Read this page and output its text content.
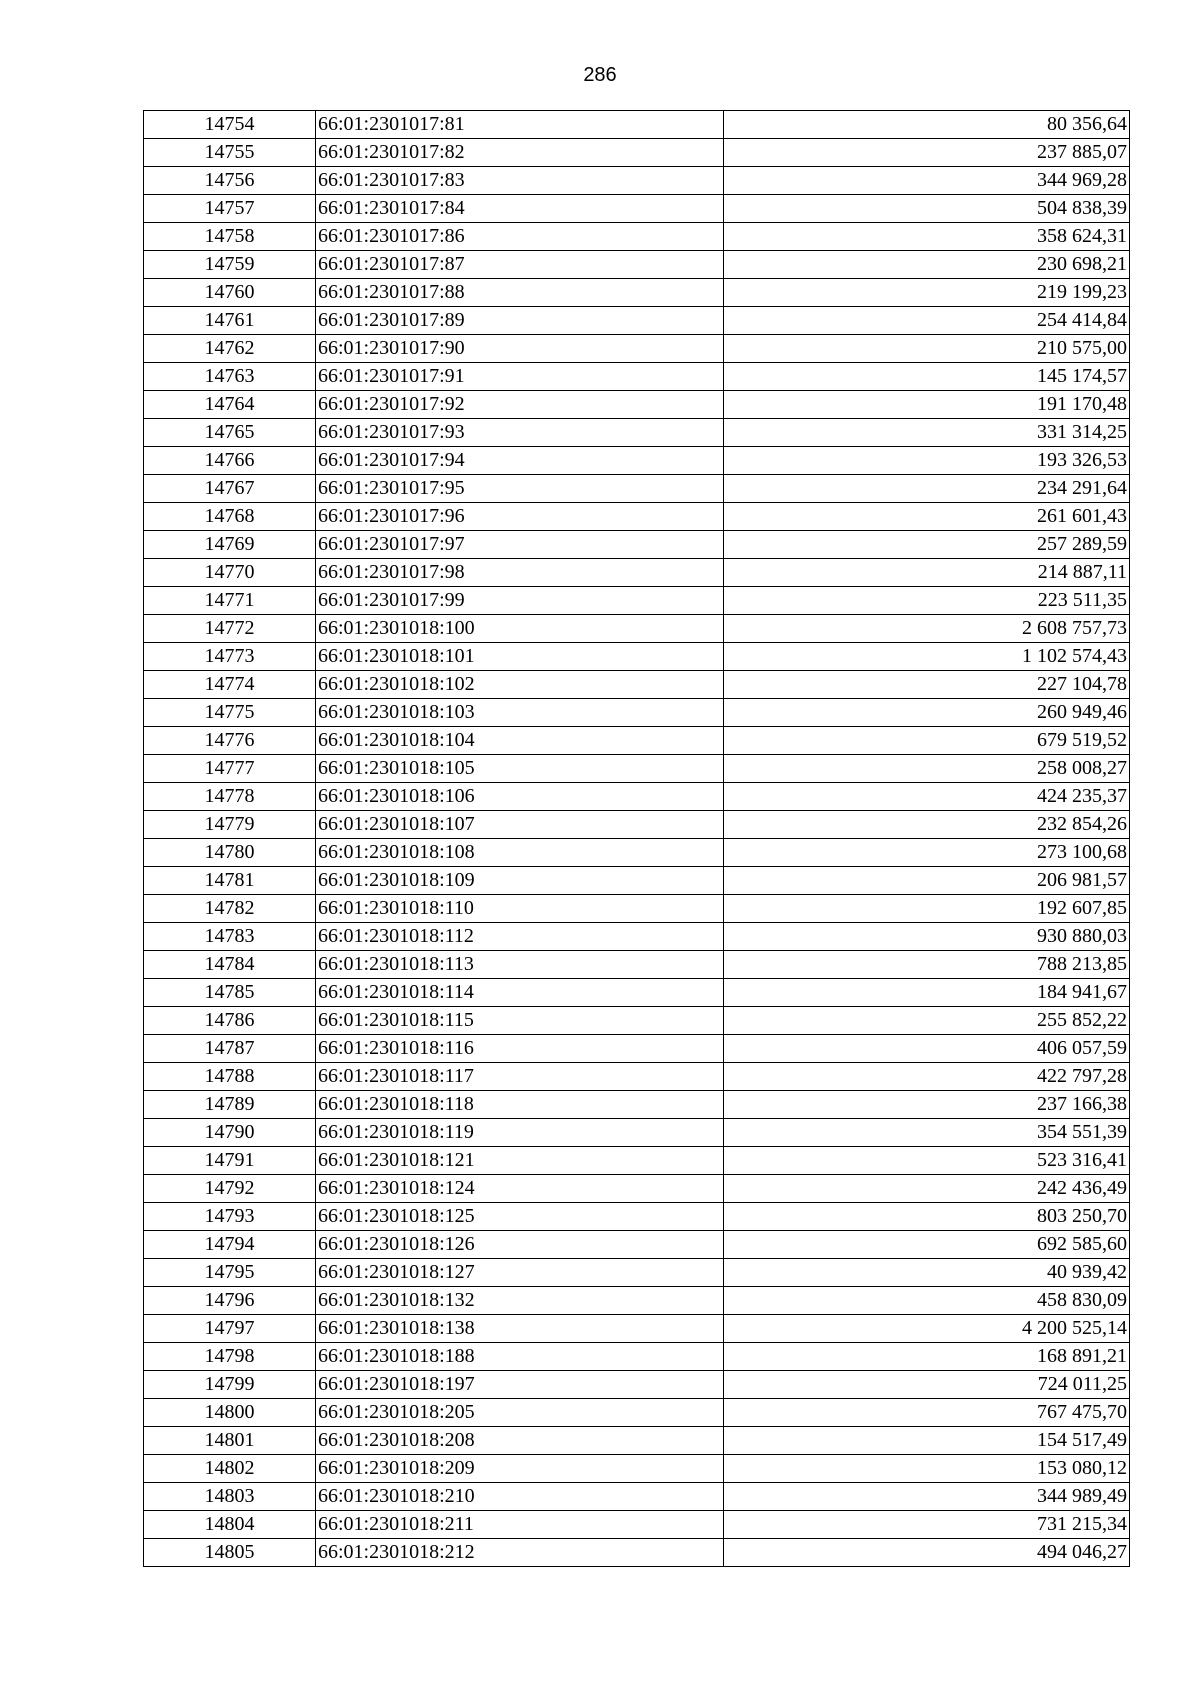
286
14754	66:01:2301017:81	80 356,64
14755	66:01:2301017:82	237 885,07
14756	66:01:2301017:83	344 969,28
14757	66:01:2301017:84	504 838,39
14758	66:01:2301017:86	358 624,31
14759	66:01:2301017:87	230 698,21
14760	66:01:2301017:88	219 199,23
14761	66:01:2301017:89	254 414,84
14762	66:01:2301017:90	210 575,00
14763	66:01:2301017:91	145 174,57
14764	66:01:2301017:92	191 170,48
14765	66:01:2301017:93	331 314,25
14766	66:01:2301017:94	193 326,53
14767	66:01:2301017:95	234 291,64
14768	66:01:2301017:96	261 601,43
14769	66:01:2301017:97	257 289,59
14770	66:01:2301017:98	214 887,11
14771	66:01:2301017:99	223 511,35
14772	66:01:2301018:100	2 608 757,73
14773	66:01:2301018:101	1 102 574,43
14774	66:01:2301018:102	227 104,78
14775	66:01:2301018:103	260 949,46
14776	66:01:2301018:104	679 519,52
14777	66:01:2301018:105	258 008,27
14778	66:01:2301018:106	424 235,37
14779	66:01:2301018:107	232 854,26
14780	66:01:2301018:108	273 100,68
14781	66:01:2301018:109	206 981,57
14782	66:01:2301018:110	192 607,85
14783	66:01:2301018:112	930 880,03
14784	66:01:2301018:113	788 213,85
14785	66:01:2301018:114	184 941,67
14786	66:01:2301018:115	255 852,22
14787	66:01:2301018:116	406 057,59
14788	66:01:2301018:117	422 797,28
14789	66:01:2301018:118	237 166,38
14790	66:01:2301018:119	354 551,39
14791	66:01:2301018:121	523 316,41
14792	66:01:2301018:124	242 436,49
14793	66:01:2301018:125	803 250,70
14794	66:01:2301018:126	692 585,60
14795	66:01:2301018:127	40 939,42
14796	66:01:2301018:132	458 830,09
14797	66:01:2301018:138	4 200 525,14
14798	66:01:2301018:188	168 891,21
14799	66:01:2301018:197	724 011,25
14800	66:01:2301018:205	767 475,70
14801	66:01:2301018:208	154 517,49
14802	66:01:2301018:209	153 080,12
14803	66:01:2301018:210	344 989,49
14804	66:01:2301018:211	731 215,34
14805	66:01:2301018:212	494 046,27
